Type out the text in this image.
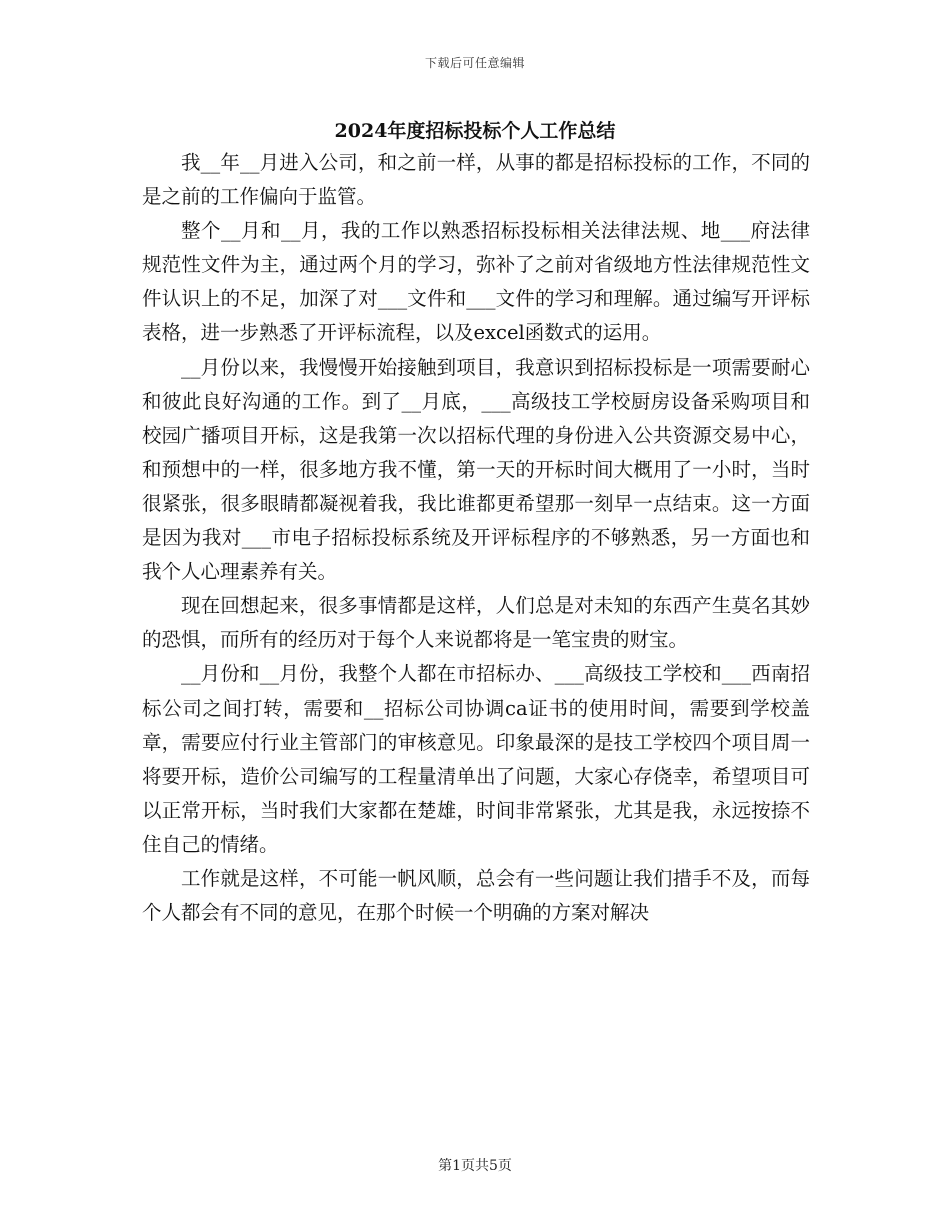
下载后可任意编辑
2024年度招标投标个人工作总结

我__年__月进入公司，和之前一样，从事的都是招标投标的工作，不同的是之前的工作偏向于监管。

整个__月和__月，我的工作以熟悉招标投标相关法律法规、地___府法律规范性文件为主，通过两个月的学习，弥补了之前对省级地方性法律规范性文件认识上的不足，加深了对___文件和___文件的学习和理解。通过编写开评标表格，进一步熟悉了开评标流程，以及excel函数式的运用。

__月份以来，我慢慢开始接触到项目，我意识到招标投标是一项需要耐心和彼此良好沟通的工作。到了__月底，___高级技工学校厨房设备采购项目和校园广播项目开标，这是我第一次以招标代理的身份进入公共资源交易中心，和预想中的一样，很多地方我不懂，第一天的开标时间大概用了一小时，当时很紧张，很多眼睛都凝视着我，我比谁都更希望那一刻早一点结束。这一方面是因为我对___市电子招标投标系统及开评标程序的不够熟悉，另一方面也和我个人心理素养有关。

现在回想起来，很多事情都是这样，人们总是对未知的东西产生莫名其妙的恐惧，而所有的经历对于每个人来说都将是一笔宝贵的财宝。

__月份和__月份，我整个人都在市招标办、___高级技工学校和___西南招标公司之间打转，需要和__招标公司协调ca证书的使用时间，需要到学校盖章，需要应付行业主管部门的审核意见。印象最深的是技工学校四个项目周一将要开标，造价公司编写的工程量清单出了问题，大家心存侥幸，希望项目可以正常开标，当时我们大家都在楚雄，时间非常紧张，尤其是我，永远按捺不住自己的情绪。

工作就是这样，不可能一帆风顺，总会有一些问题让我们措手不及，而每个人都会有不同的意见，在那个时候一个明确的方案对解决

第1页共5页
